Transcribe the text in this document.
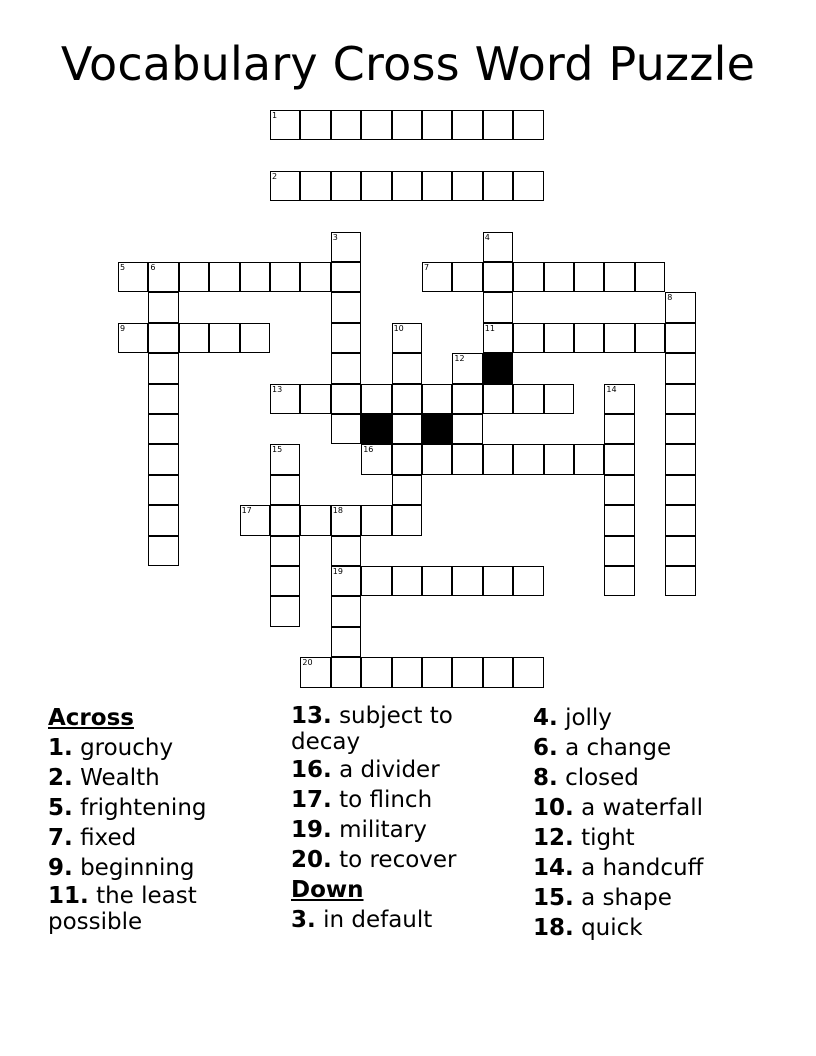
Vocabulary Cross Word Puzzle
1
2
3	4
11
5	6	7
8
9	10
12
13	14
15	16
17	18
19
20
Across
1. grouchy
2. Wealth
5. frightening
7. fixed
9. beginning
11. the least possible
13. subject to decay
16. a divider
17. to flinch
19. military
20. to recover
Down
3. in default
4. jolly
6. a change
8. closed
10. a waterfall
12. tight
14. a handcuff
15. a shape
18. quick
